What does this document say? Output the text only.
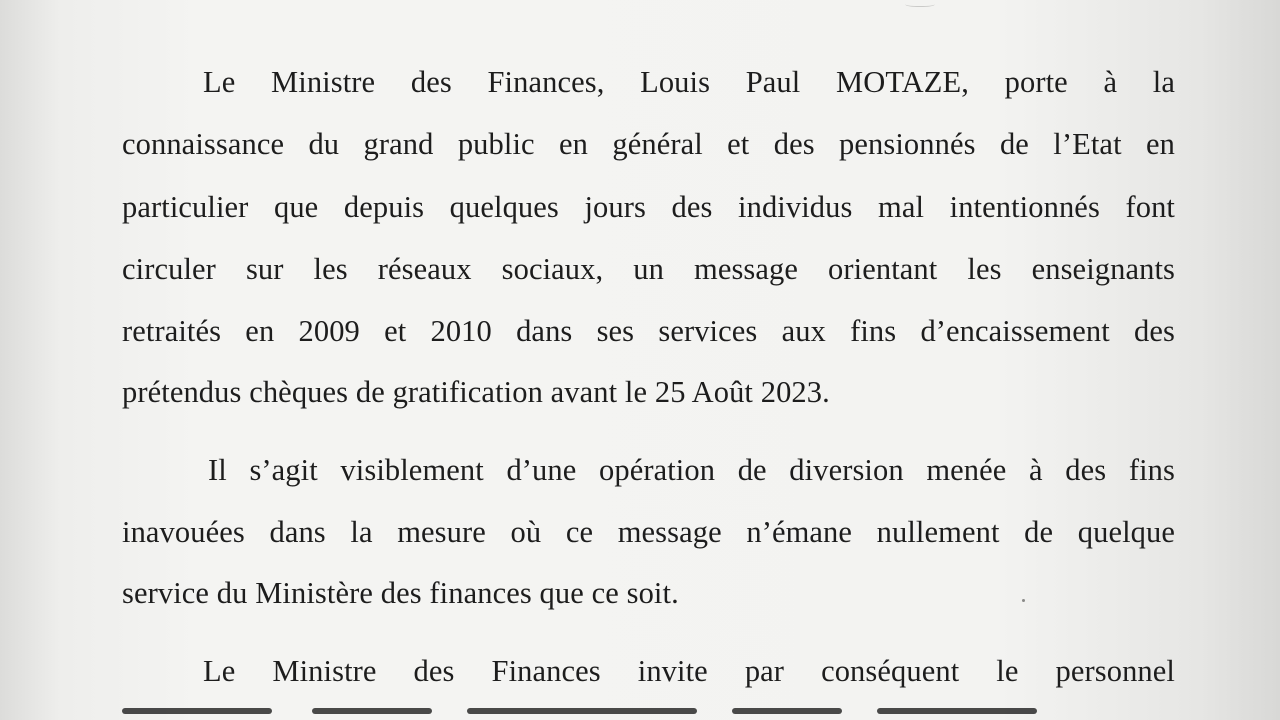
Le Ministre des Finances, Louis Paul MOTAZE, porte à la
connaissance du grand public en général et des pensionnés de l’Etat en
particulier que depuis quelques jours des individus mal intentionnés font
circuler sur les réseaux sociaux, un message orientant les enseignants
retraités en 2009 et 2010 dans ses services aux fins d’encaissement des
prétendus chèques de gratification avant le 25 Août 2023.
Il s’agit visiblement d’une opération de diversion menée à des fins
inavouées dans la mesure où ce message n’émane nullement de quelque
service du Ministère des finances que ce soit.
Le Ministre des Finances invite par conséquent le personnel
